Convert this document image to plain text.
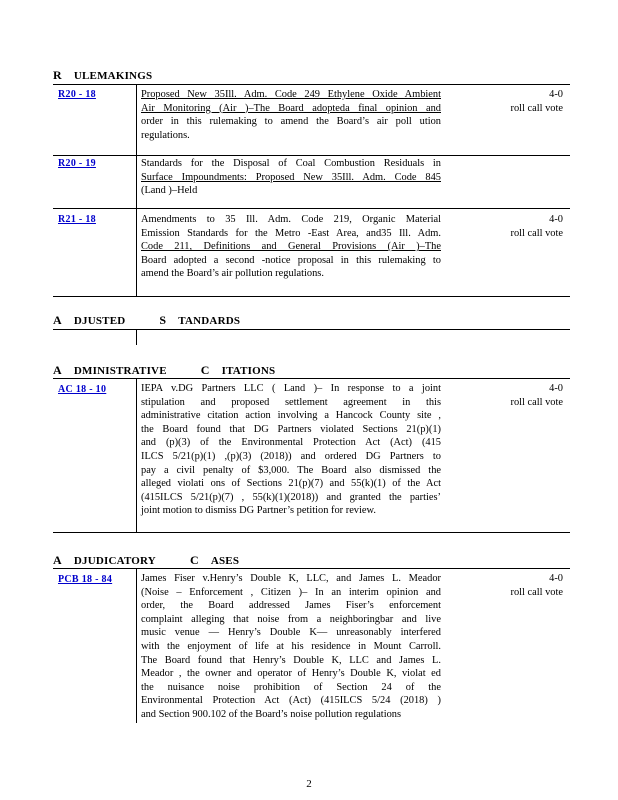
R ULEMAKINGS
R20 - 18	Proposed New 35Ill. Adm. Code 249 Ethylene Oxide Ambient
Air Monitoring (Air )–The Board adopteda final opinion and
order in this rulemaking to amend the Board’s air poll ution
regulations.
4-0
roll call vote
R20 - 19	Standards for the Disposal of Coal Combustion Residuals in
Surface Impoundments: Proposed New 35Ill. Adm. Code 845
(Land )–Held
R21 - 18	Amendments to 35 Ill. Adm. Code 219, Organic Material
Emission Standards for the Metro -East Area, and35 Ill. Adm.
Code 211, Definitions and General Provisions (Air )–The
Board adopted a second -notice proposal in this rulemaking to
amend the Board’s air pollution regulations.
4-0
roll call vote
A DJUSTED	S TANDARDS
A DMINISTRATIVE	C ITATIONS
AC 18 - 10	IEPA v.DG Partners LLC ( Land )– In response to a joint
stipulation and proposed settlement agreement in this
administrative citation action involving a Hancock County site ,
the Board found that DG Partners violated Sections 21(p)(1)
and (p)(3) of the Environmental Protection Act (Act) (415
ILCS 5/21(p)(1) ,(p)(3) (2018)) and ordered DG Partners to
pay a civil penalty of $3,000. The Board also dismissed the
alleged violati ons of Sections 21(p)(7) and 55(k)(1) of the Act
(415ILCS 5/21(p)(7) , 55(k)(1)(2018)) and granted the parties’
joint motion to dismiss DG Partner’s petition for review.
4-0
roll call vote
A DJUDICATORY	C ASES
PCB 18 - 84	James Fiser v.Henry’s Double K, LLC, and James L. Meador
(Noise – Enforcement , Citizen )– In an interim opinion and
order, the Board addressed James Fiser’s enforcement
complaint alleging that noise from a neighboringbar and live
music venue — Henry’s Double K— unreasonably interfered
with the enjoyment of life at his residence in Mount Carroll.
The Board found that Henry’s Double K, LLC and James L.
Meador , the owner and operator of Henry’s Double K, violat ed
the nuisance noise prohibition of Section 24 of the
Environmental Protection Act (Act) (415ILCS 5/24 (2018) )
and Section 900.102 of the Board’s noise pollution regulations
4-0
roll call vote
2
